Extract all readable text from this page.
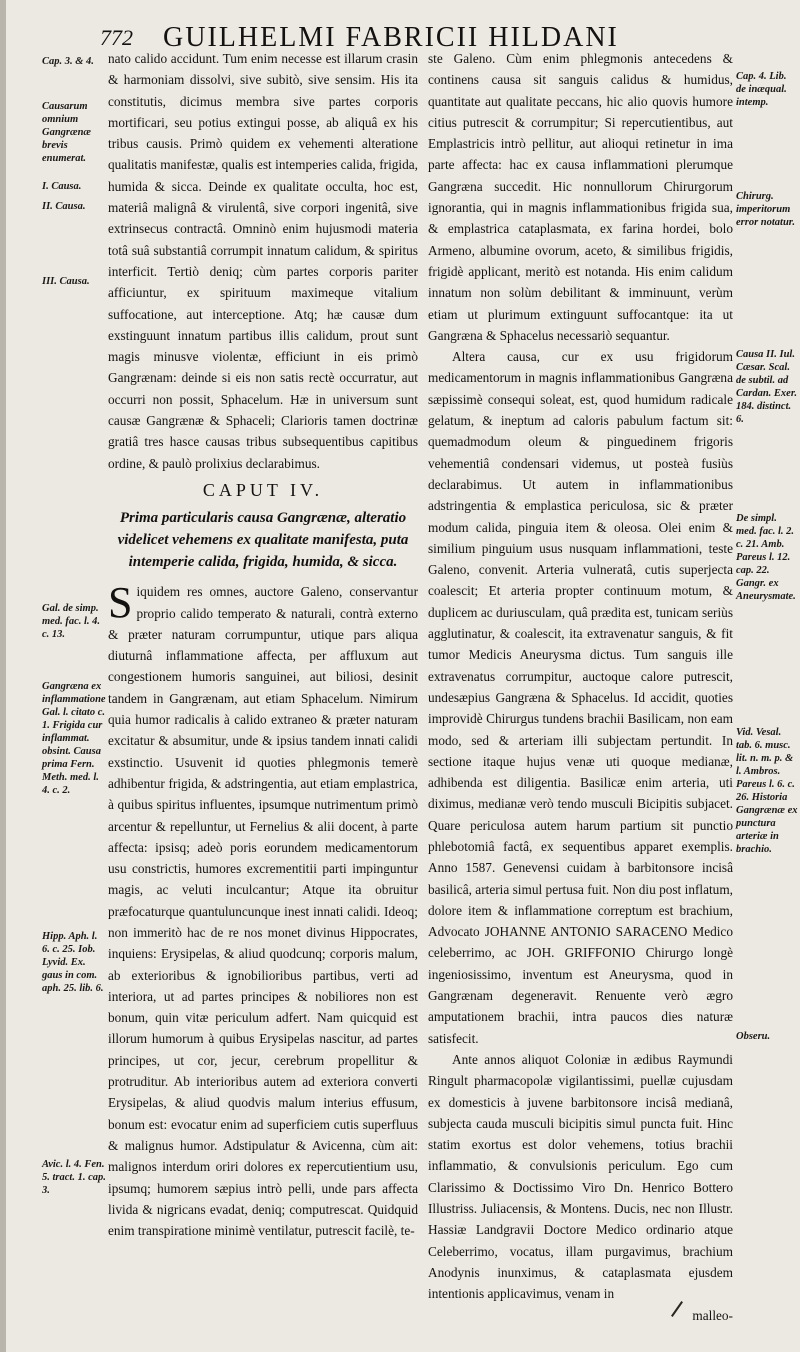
772 GUILHELMI FABRICII HILDANI
Cap. 3. & 4.
Causarum omnium Gangrænæ brevis enumerat.
I. Causa.
II. Causa.
III. Causa.
Gal. de simp. med. fac. l. 4. c. 13.
Gangræna ex inflammatione Gal. l. citato c. 1. Frigida cur inflammat. obsint. Causa prima Fern. Meth. med. l. 4. c. 2.
Hipp. Aph. l. 6. c. 25. Iob. Lyvid. Ex. gaus in com. aph. 25. lib. 6.
Avic. l. 4. Fen. 5. tract. 1. cap. 3.
Cap. 4. Lib. de inæqual. intemp.
Chirurg. imperitorum error notatur.
Causa II. Iul. Cæsar. Scal. de subtil. ad Cardan. Exer. 184. distinct. 6.
De simpl. med. fac. l. 2. c. 21. Amb. Pareus l. 12. cap. 22. Gangr. ex Aneurysmate.
Vid. Vesal. tab. 6. musc. lit. n. m. p. & l. Ambros. Pareus l. 6. c. 26. Historia Gangrænæ ex punctura arteriæ in brachio.
Obseru.

nato calido accidunt. Tum enim necesse est illarum crasin & harmoniam dissolvi, sive subitò, sive sensim. His ita constitutis, dicimus membra sive partes corporis mortificari, seu potius extingui posse, ab aliquâ ex his tribus causis. Primò quidem ex vehementi alteratione qualitatis manifestæ, qualis est intemperies calida, frigida, humida & sicca. Deinde ex qualitate occulta, hoc est, materiâ malignâ & virulentâ, sive corpori ingenitâ, sive extrinsecus contractâ. Omninò enim hujusmodi materia totâ suâ substantiâ corrumpit innatum calidum, & spiritus interficit. Tertiò deniq; cùm partes corporis pariter afficiuntur, ex spirituum maximeque vitalium suffocatione, aut interceptione. Atq; hæ causæ dum exstinguunt innatum partibus illis calidum, prout sunt magis minusve violentæ, efficiunt in eis primò Gangrænam: deinde si eis non satis rectè occurratur, aut occurri non possit, Sphacelum. Hæ in universum sunt causæ Gangrænæ & Sphaceli; Clarioris tamen doctrinæ gratiâ tres hasce causas tribus subsequentibus capitibus ordine, & paulò prolixius declarabimus.

CAPUT IV.
Prima particularis causa Gangrænæ, alteratio videlicet vehemens ex qualitate manifesta, puta intemperie calida, frigida, humida, & sicca.

S iquidem res omnes, auctore Galeno, conservantur proprio calido temperato & naturali, contrà externo & præter naturam corrumpuntur, utique pars aliqua diuturnâ inflammatione affecta, per affluxum aut congestionem humoris sanguinei, aut biliosi, desinit tandem in Gangrænam, aut etiam Sphacelum. Nimirum quia humor radicalis à calido extraneo & præter naturam excitatur & absumitur, unde & ipsius tandem innati calidi exstinctio. Usuvenit id quoties phlegmonis temerè adhibentur frigida, & adstringentia, aut etiam emplastrica, à quibus spiritus influentes, ipsumque nutrimentum primò arcentur & repelluntur, ut Fernelius & alii docent, à parte affecta: ipsisq; adeò poris eorundem medicamentorum usu constrictis, humores excrementitii parti impinguntur magis, ac veluti inculcantur; Atque ita obruitur præfocaturque quantuluncunque inest innati calidi. Ideoq; non immeritò hac de re nos monet divinus Hippocrates, inquiens: Erysipelas, & aliud quodcunq; corporis malum, ab exterioribus & ignobilioribus partibus, verti ad interiora, ut ad partes principes & nobiliores non est bonum, quin vitæ periculum adfert. Nam quicquid est illorum humorum à quibus Erysipelas nascitur, ad partes principes, ut cor, jecur, cerebrum propellitur & protruditur. Ab interioribus autem ad exteriora converti Erysipelas, & aliud quodvis malum interius effusum, bonum est: evocatur enim ad superficiem cutis superfluus & malignus humor. Adstipulatur & Avicenna, cùm ait: malignos interdum oriri dolores ex repercutientium usu, ipsumq; humorem sæpius intrò pelli, unde pars affecta livida & nigricans evadat, deniq; computrescat. Quidquid enim transpiratione minimè ventilatur, putrescit facilè, te-

ste Galeno. Cùm enim phlegmonis antecedens & continens causa sit sanguis calidus & humidus, quantitate aut qualitate peccans, hic alio quovis humore citius putrescit & corrumpitur; Si repercutientibus, aut Emplastricis intrò pellitur, aut alioqui retinetur in ima parte affecta: hac ex causa inflammationi plerumque Gangræna succedit. Hic nonnullorum Chirurgorum ignorantia, qui in magnis inflammationibus frigida sua, & emplastrica cataplasmata, ex farina hordei, bolo Armeno, albumine ovorum, aceto, & similibus frigidis, frigidè applicant, meritò est notanda. His enim calidum innatum non solùm debilitant & imminuunt, verùm etiam ut plurimum extinguunt suffocantque: ita ut Gangræna & Sphacelus necessariò sequantur.

Altera causa, cur ex usu frigidorum medicamentorum in magnis inflammationibus Gangræna sæpissimè consequi soleat, est, quod humidum radicale gelatum, & ineptum ad caloris pabulum factum sit: quemadmodum oleum & pinguedinem frigoris vehementiâ condensari videmus, ut posteà fusiùs declarabimus. Ut autem in inflammationibus adstringentia & emplastica periculosa, sic & præter modum calida, pinguia item & oleosa. Olei enim & similium pinguium usus nusquam inflammationi, teste Galeno, convenit. Arteria vulneratâ, cutis superjecta coalescit; Et arteria propter continuum motum, & duplicem ac duriusculam, quâ prædita est, tunicam seriùs agglutinatur, & coalescit, ita extravenatur sanguis, & fit tumor Medicis Aneurysma dictus. Tum sanguis ille extravenatus corrumpitur, auctoque calore putrescit, undesæpius Gangræna & Sphacelus. Id accidit, quoties improvidè Chirurgus tundens brachii Basilicam, non eam modo, sed & arteriam illi subjectam pertundit. In sectione itaque hujus venæ uti quoque medianæ, adhibenda est diligentia. Basilicæ enim arteria, uti diximus, medianæ verò tendo musculi Bicipitis subjacet. Quare periculosa autem harum partium sit punctio phlebotomiâ factâ, ex sequentibus apparet exemplis. Anno 1587. Genevensi cuidam à barbitonsore incisâ basilicâ, arteria simul pertusa fuit. Non diu post inflatum, dolore item & inflammatione correptum est brachium, Advocato JOHANNE ANTONIO SARACENO Medico celeberrimo, ac JOH. GRIFFONIO Chirurgo longè ingeniosissimo, inventum est Aneurysma, quod in Gangrænam degeneravit. Renuente verò ægro amputationem brachii, intra paucos dies naturæ satisfecit.

Ante annos aliquot Coloniæ in ædibus Raymundi Ringult pharmacopolæ vigilantissimi, puellæ cujusdam ex domesticis à juvene barbitonsore incisâ medianâ, subjecta cauda musculi bicipitis simul puncta fuit. Hinc statim exortus est dolor vehemens, totius brachii inflammatio, & convulsionis periculum. Ego cum Clarissimo & Doctissimo Viro Dn. Henrico Bottero Illustriss. Juliacensis, & Montens. Ducis, nec non Illustr. Hassiæ Landgravii Doctore Medico ordinario atque Celeberrimo, vocatus, illam purgavimus, brachium Anodynis inunximus, & cataplasmata ejusdem intentionis applicavimus, venam in

malleo-
